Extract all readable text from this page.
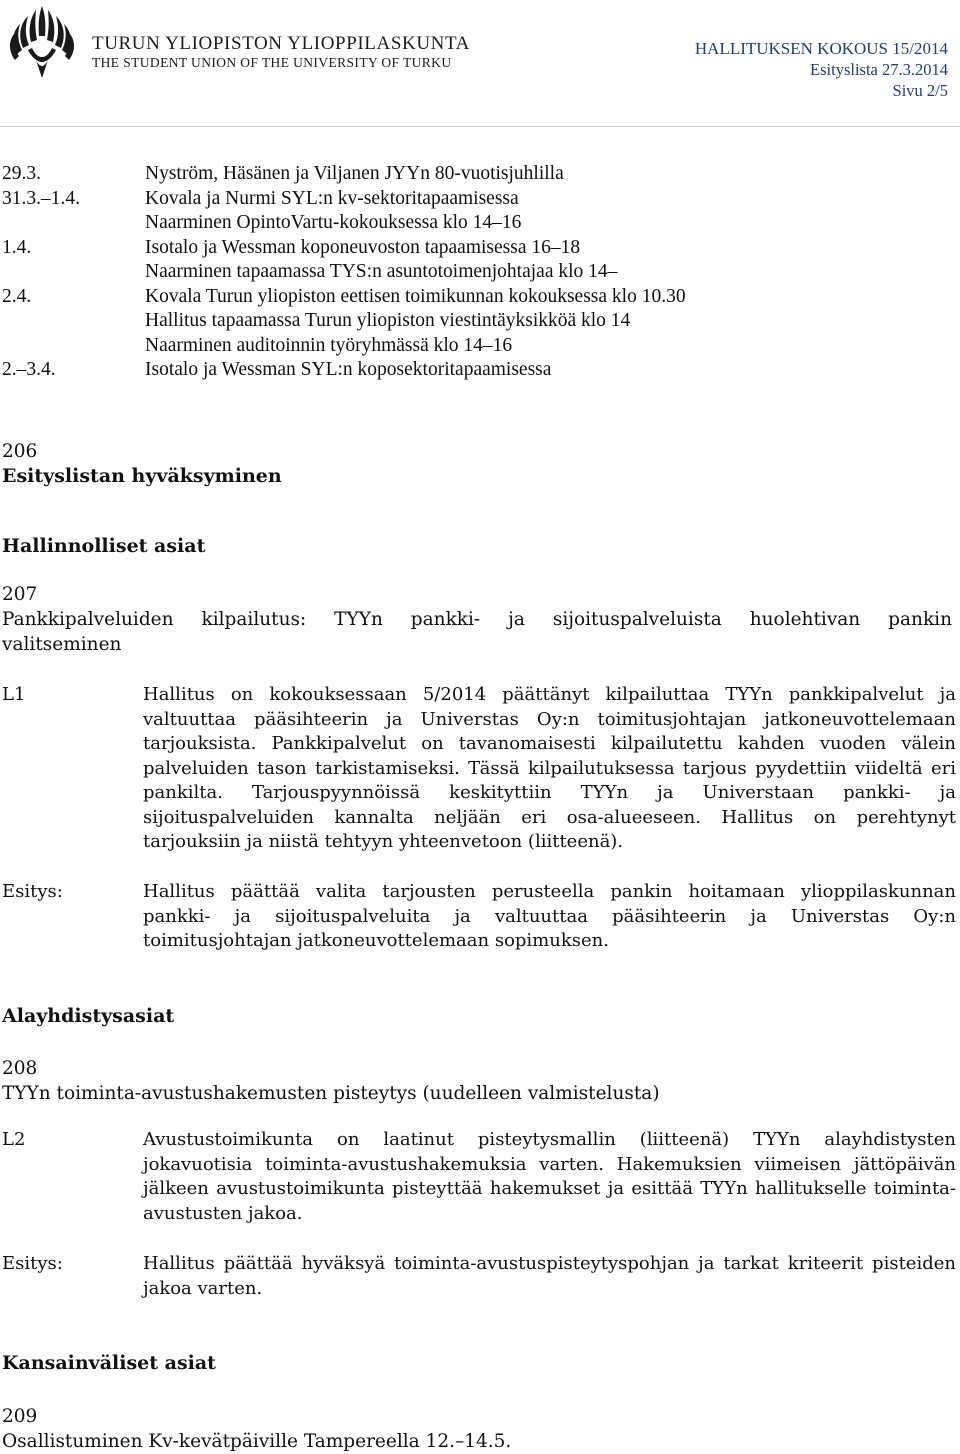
TURUN YLIOPISTON YLIOPPILASKUNTA
THE STUDENT UNION OF THE UNIVERSITY OF TURKU
HALLITUKSEN KOKOUS 15/2014
Esityslista 27.3.2014
Sivu 2/5
29.3.	Nyström, Häsänen ja Viljanen JYYn 80-vuotisjuhlilla
31.3.–1.4.	Kovala ja Nurmi SYL:n kv-sektoritapaamisessa
Naarminen OpintoVartu-kokouksessa klo 14–16
1.4.	Isotalo ja Wessman koponeuvoston tapaamisessa 16–18
Naarminen tapaamassa TYS:n asuntotoimenjohtajaa klo 14–
2.4.	Kovala Turun yliopiston eettisen toimikunnan kokouksessa klo 10.30
Hallitus tapaamassa Turun yliopiston viestintäyksikköä klo 14
Naarminen auditoinnin työryhmässä klo 14–16
2.–3.4.	Isotalo ja Wessman SYL:n koposektoritapaamisessa
206
Esityslistan hyväksyminen
Hallinnolliset asiat
207
Pankkipalveluiden kilpailutus: TYYn pankki- ja sijoituspalveluista huolehtivan pankin
valitseminen
L1	Hallitus on kokouksessaan 5/2014 päättänyt kilpailuttaa TYYn pankkipalvelut ja valtuuttaa pääsihteerin ja Universtas Oy:n toimitusjohtajan jatkoneuvottelemaan tarjouksista. Pankkipalvelut on tavanomaisesti kilpailutettu kahden vuoden välein palveluiden tason tarkistamiseksi. Tässä kilpailutuksessa tarjous pyydettiin viideltä eri pankilta. Tarjouspyynnöissä keskityttiin TYYn ja Universtaan pankki- ja sijoituspalveluiden kannalta neljään eri osa-alueeseen. Hallitus on perehtynyt tarjouksiin ja niistä tehtyyn yhteenvetoon (liitteenä).
Esitys:	Hallitus päättää valita tarjousten perusteella pankin hoitamaan ylioppilaskunnan pankki- ja sijoituspalveluita ja valtuuttaa pääsihteerin ja Universtas Oy:n toimitusjohtajan jatkoneuvottelemaan sopimuksen.
Alayhdistysasiat
208
TYYn toiminta-avustushakemusten pisteytys (uudelleen valmistelusta)
L2	Avustustoimikunta on laatinut pisteytysmallin (liitteenä) TYYn alayhdistysten jokavuotisia toiminta-avustushakemuksia varten. Hakemuksien viimeisen jättöpäivän jälkeen avustustoimikunta pisteyttää hakemukset ja esittää TYYn hallitukselle toiminta-avustusten jakoa.
Esitys:	Hallitus päättää hyväksyä toiminta-avustuspisteytyspohjan ja tarkat kriteerit pisteiden jakoa varten.
Kansainväliset asiat
209
Osallistuminen Kv-kevätpäiville Tampereella 12.–14.5.
